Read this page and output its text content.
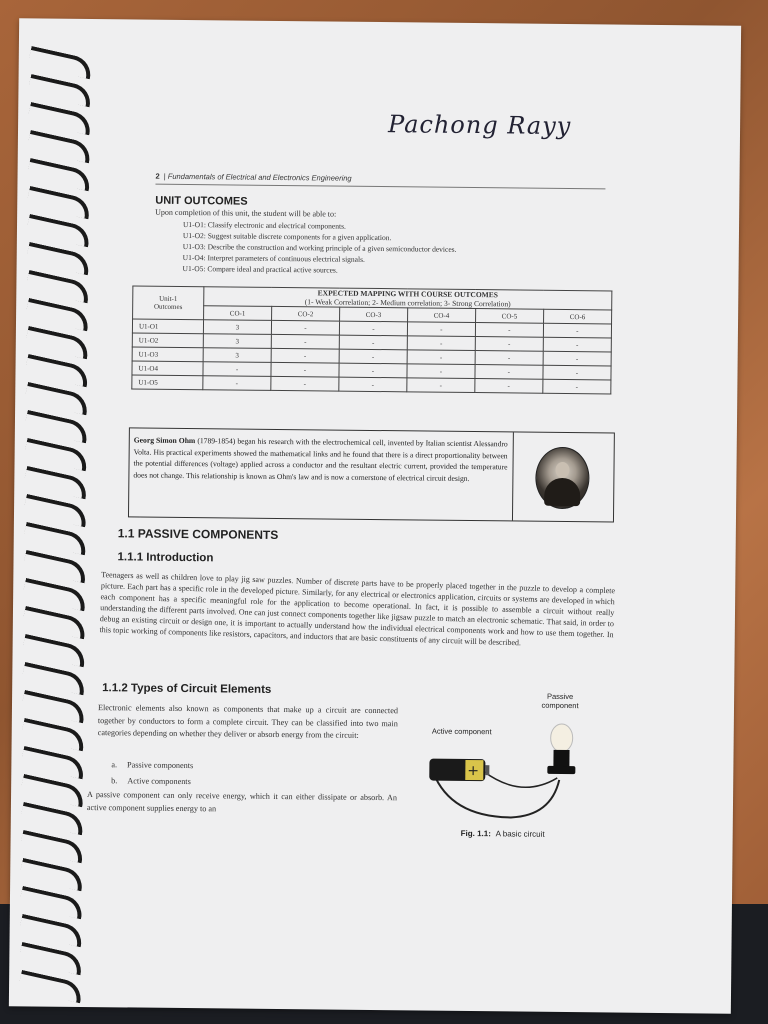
Pachong Rayy
2 | Fundamentals of Electrical and Electronics Engineering
UNIT OUTCOMES
Upon completion of this unit, the student will be able to:
U1-O1: Classify electronic and electrical components.
U1-O2: Suggest suitable discrete components for a given application.
U1-O3: Describe the construction and working principle of a given semiconductor devices.
U1-O4: Interpret parameters of continuous electrical signals.
U1-O5: Compare ideal and practical active sources.
Unit-1
Outcomes	EXPECTED MAPPING WITH COURSE OUTCOMES
(1- Weak Correlation; 2- Medium correlation; 3- Strong Correlation)					
	CO-1	CO-2	CO-3	CO-4	CO-5	CO-6
U1-O1	3	-	-	-	-	-
U1-O2	3	-	-	-	-	-
U1-O3	3	-	-	-	-	-
U1-O4	-	-	-	-	-	-
U1-O5	-	-	-	-	-	-
Georg Simon Ohm (1789-1854) began his research with the electrochemical cell, invented by Italian scientist Alessandro Volta. His practical experiments showed the mathematical links and he found that there is a direct proportionality between the potential differences (voltage) applied across a conductor and the resultant electric current, provided the temperature does not change. This relationship is known as Ohm's law and is now a cornerstone of electrical circuit design.
1.1 PASSIVE COMPONENTS
1.1.1 Introduction
Teenagers as well as children love to play jig saw puzzles. Number of discrete parts have to be properly placed together in the puzzle to develop a complete picture. Each part has a specific role in the developed picture. Similarly, for any electrical or electronics application, circuits or systems are developed in which each component has a specific meaningful role for the application to become operational. In fact, it is possible to assemble a circuit without really understanding the different parts involved. One can just connect components together like jigsaw puzzle to match an electronic schematic. That said, in order to debug an existing circuit or design one, it is important to actually understand how the individual electrical components work and how to use them together. In this topic working of components like resistors, capacitors, and inductors that are basic constituents of any circuit will be described.
1.1.2 Types of Circuit Elements
Electronic elements also known as components that make up a circuit are connected together by conductors to form a complete circuit. They can be classified into two main categories depending on whether they deliver or absorb energy from the circuit:
a. Passive components
b. Active components
A passive component can only receive energy, which it can either dissipate or absorb. An active component supplies energy to an
Passive component
Active component
+
Fig. 1.1: A basic circuit
